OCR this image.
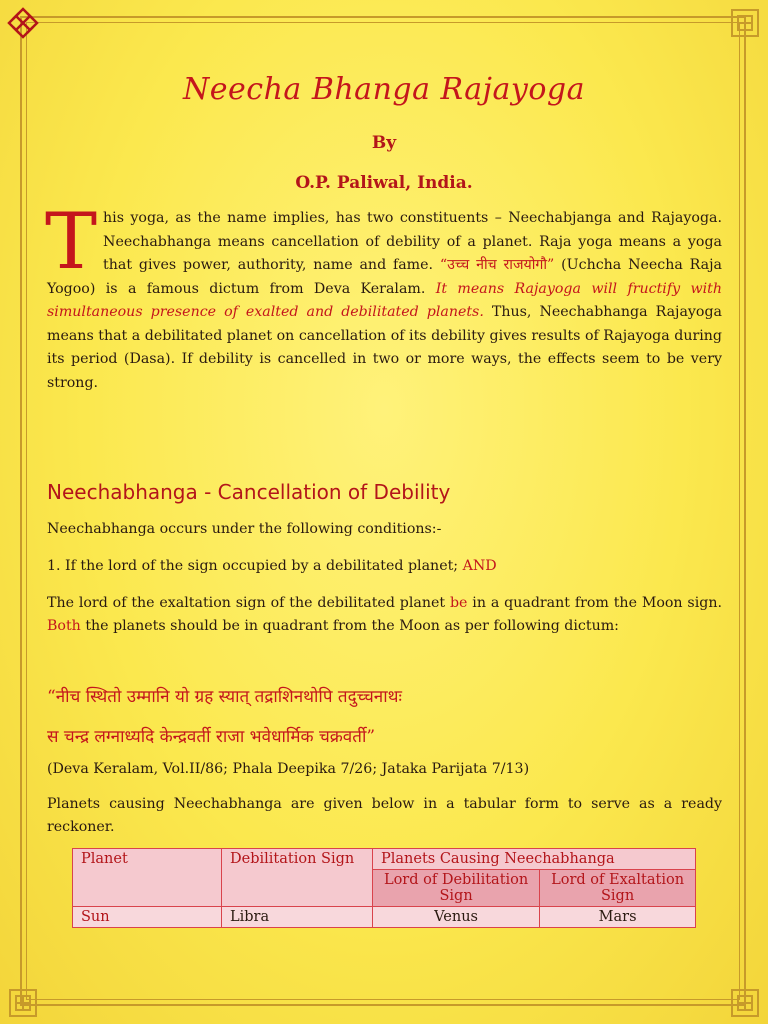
Neecha Bhanga Rajayoga
By
O.P. Paliwal, India.
This yoga, as the name implies, has two constituents – Neechabjanga and Rajayoga. Neechabhanga means cancellation of debility of a planet. Raja yoga means a yoga that gives power, authority, name and fame. “उच्च नीच राजयोगौ” (Uchcha Neecha Raja Yogoo) is a famous dictum from Deva Keralam. It means Rajayoga will fructify with simultaneous presence of exalted and debilitated planets. Thus, Neechabhanga Rajayoga means that a debilitated planet on cancellation of its debility gives results of Rajayoga during its period (Dasa). If debility is cancelled in two or more ways, the effects seem to be very strong.
Neechabhanga - Cancellation of Debility
Neechabhanga occurs under the following conditions:-
1. If the lord of the sign occupied by a debilitated planet; AND
The lord of the exaltation sign of the debilitated planet be in a quadrant from the Moon sign. Both the planets should be in quadrant from the Moon as per following dictum:
“नीच स्थितो उम्मानि यो ग्रह स्यात् तद्राशिनथोपि तदुच्चनाथः
स चन्द्र लग्नाध्यदि केन्द्रवर्ती राजा भवेधार्मिक चक्रवर्ती”
(Deva Keralam, Vol.II/86; Phala Deepika 7/26; Jataka Parijata 7/13)
Planets causing Neechabhanga are given below in a tabular form to serve as a ready reckoner.
Planet	Debilitation Sign	Planets Causing Neechabhanga	
		Lord of Debilitation Sign	Lord of Exaltation Sign
Sun	Libra	Venus	Mars
